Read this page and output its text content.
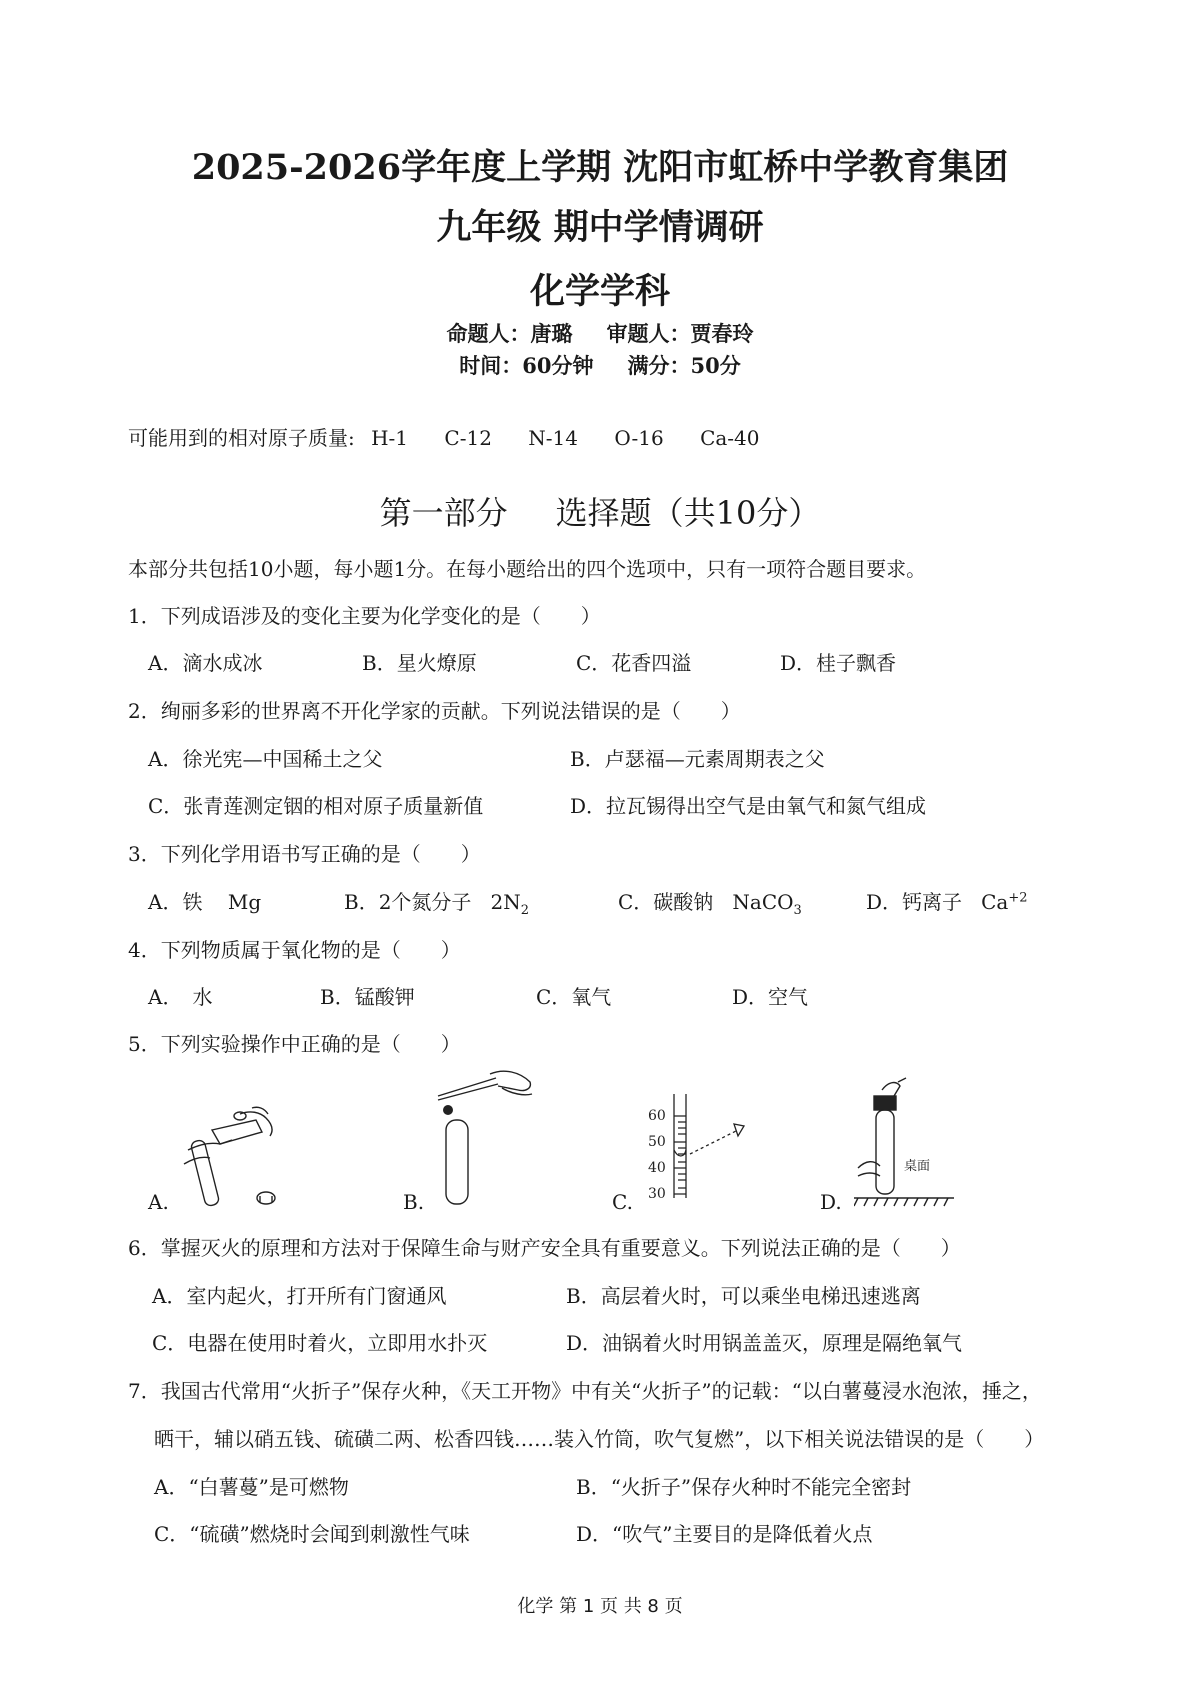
2025-2026学年度上学期 沈阳市虹桥中学教育集团
九年级 期中学情调研
化学学科
命题人：唐璐 审题人：贾春玲
时间：60分钟 满分：50分
可能用到的相对原子质量: H-1 C-12 N-14 O-16 Ca-40
第一部分 选择题（共10分）
本部分共包括10小题，每小题1分。在每小题给出的四个选项中，只有一项符合题目要求。
1．下列成语涉及的变化主要为化学变化的是（　　）
A．滴水成冰	B．星火燎原	C．花香四溢	D．桂子飘香
2．绚丽多彩的世界离不开化学家的贡献。下列说法错误的是（　　）
A．徐光宪—中国稀土之父	B．卢瑟福—元素周期表之父
C．张青莲测定铟的相对原子质量新值	D．拉瓦锡得出空气是由氧气和氮气组成
3．下列化学用语书写正确的是（　　）
A．铁 Mg	B．2个氮分子 $2N_2$	C．碳酸钠 NaCO$_3$	D．钙离子 $Ca^{+2}$
4．下列物质属于氧化物的是（　　）
A．　水	B．锰酸钾	C．氧气	D．空气
5．下列实验操作中正确的是（　　）
A.	B.	C.
60
50
40
30	D.
桌面
6．掌握灭火的原理和方法对于保障生命与财产安全具有重要意义。下列说法正确的是（　　）
A．室内起火，打开所有门窗通风	B．高层着火时，可以乘坐电梯迅速逃离
C．电器在使用时着火，立即用水扑灭	D．油锅着火时用锅盖盖灭，原理是隔绝氧气
7．我国古代常用“火折子”保存火种，《天工开物》中有关“火折子”的记载：“以白薯蔓浸水泡浓，捶之，
晒干，辅以硝五钱、硫磺二两、松香四钱……装入竹筒，吹气复燃”，以下相关说法错误的是（　　）
A．“白薯蔓”是可燃物	B．“火折子”保存火种时不能完全密封
C．“硫磺”燃烧时会闻到刺激性气味	D．“吹气”主要目的是降低着火点
化学 第 1 页 共 8 页
